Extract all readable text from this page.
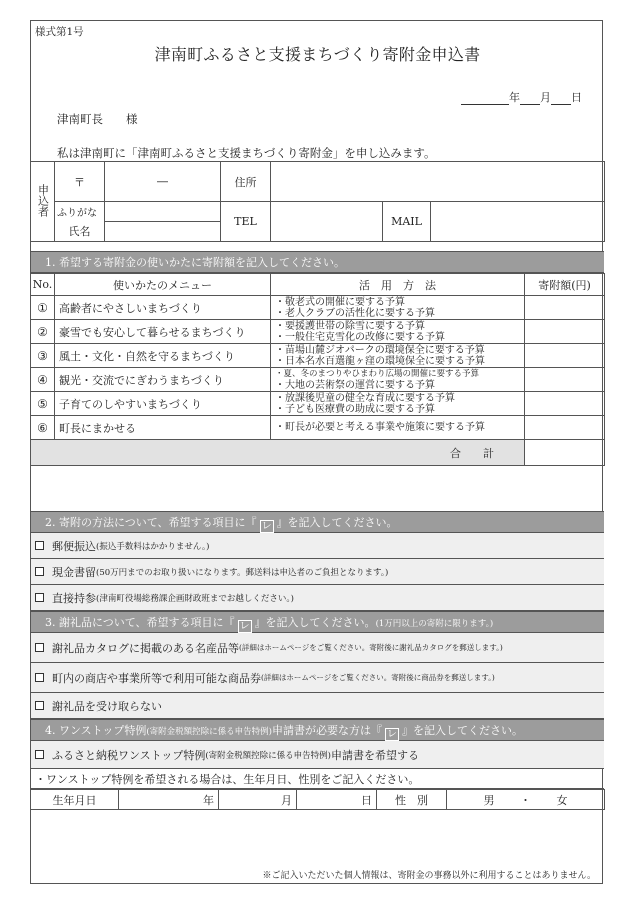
様式第1号
津南町ふるさと支援まちづくり寄附金申込書
年 月 日
津南町長　　様
私は津南町に「津南町ふるさと支援まちづくり寄附金」を申し込みます。
申込者	〒	―	住所			
	ふりがな		TEL		MAIL	
	氏名					
1. 希望する寄附金の使いかたに寄附額を記入してください。
No.	使いかたのメニュー	活　用　方　法	寄附額(円)
①	高齢者にやさしいまちづくり	・敬老式の開催に要する予算
・老人クラブの活性化に要する予算	

②	豪雪でも安心して暮らせるまちづくり	・要援護世帯の除雪に要する予算
・一般住宅克雪化の改修に要する予算	

③	風土・文化・自然を守るまちづくり	・苗場山麓ジオパークの環境保全に要する予算
・日本名水百選龍ヶ窪の環境保全に要する予算	

④	観光・交流でにぎわうまちづくり	・夏、冬のまつりやひまわり広場の開催に要する予算
・大地の芸術祭の運営に要する予算	

⑤	子育てのしやすいまちづくり	・放課後児童の健全な育成に要する予算
・子ども医療費の助成に要する予算	

⑥	町長にまかせる	・町長が必要と考える事業や施策に要する予算	

合　　計			
2. 寄附の方法について、希望する項目に『 レ 』を記入してください。
郵便振込 (振込手数料はかかりません。)
現金書留 (50万円までのお取り扱いになります。郵送料は申込者のご負担となります。)
直接持参 (津南町役場総務課企画財政班までお越しください。)
3. 謝礼品について、希望する項目に『 レ 』を記入してください。(1万円以上の寄附に限ります。)
謝礼品カタログに掲載のある名産品等 (詳細はホームページをご覧ください。寄附後に謝礼品カタログを郵送します。)
町内の商店や事業所等で利用可能な商品券 (詳細はホームページをご覧ください。寄附後に商品券を郵送します。)
謝礼品を受け取らない
4. ワンストップ特例(寄附金税額控除に係る申告特例)申請書が必要な方は『 レ 』を記入してください。
ふるさと納税ワンストップ特例 (寄附金税額控除に係る申告特例) 申請書を希望する
・ワンストップ特例を希望される場合は、生年月日、性別をご記入ください。
生年月日	年	月	日	性　別	男 ・ 女
※ご記入いただいた個人情報は、寄附金の事務以外に利用することはありません。
